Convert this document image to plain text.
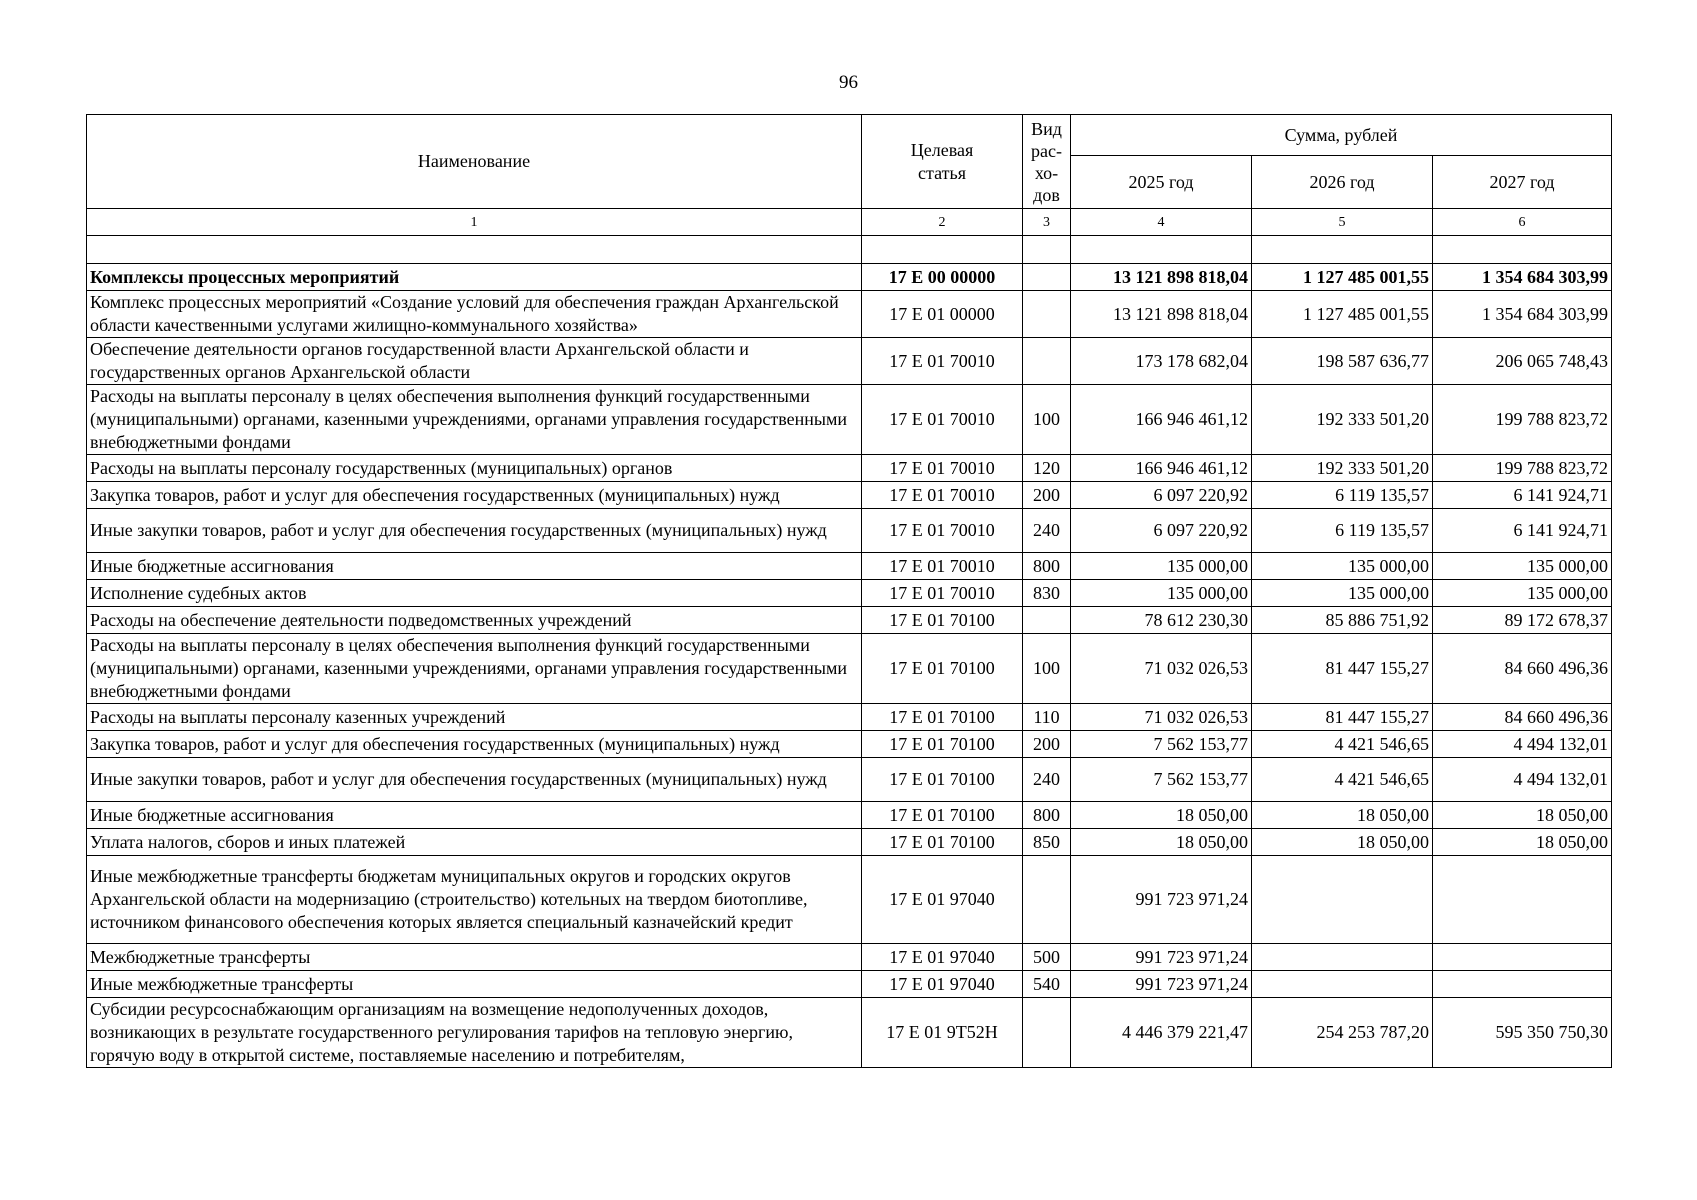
96
Наименование	Целевая статья	Вид
рас-
хо-
дов	Сумма, рублей		
			2025 год	2026 год	2027 год
1	2	3	4	5	6

Комплексы процессных мероприятий	17 Е 00 00000		13 121 898 818,04	1 127 485 001,55	1 354 684 303,99
Комплекс процессных мероприятий «Создание условий для обеспечения граждан Архангельской области качественными услугами жилищно-коммунального хозяйства»	17 Е 01 00000		13 121 898 818,04	1 127 485 001,55	1 354 684 303,99
Обеспечение деятельности органов государственной власти Архангельской области и государственных органов Архангельской области	17 Е 01 70010		173 178 682,04	198 587 636,77	206 065 748,43
Расходы на выплаты персоналу в целях обеспечения выполнения функций государственными (муниципальными) органами, казенными учреждениями, органами управления государственными внебюджетными фондами	17 Е 01 70010	100	166 946 461,12	192 333 501,20	199 788 823,72
Расходы на выплаты персоналу государственных (муниципальных) органов	17 Е 01 70010	120	166 946 461,12	192 333 501,20	199 788 823,72
Закупка товаров, работ и услуг для обеспечения государственных (муниципальных) нужд	17 Е 01 70010	200	6 097 220,92	6 119 135,57	6 141 924,71
Иные закупки товаров, работ и услуг для обеспечения государственных (муниципальных) нужд	17 Е 01 70010	240	6 097 220,92	6 119 135,57	6 141 924,71
Иные бюджетные ассигнования	17 Е 01 70010	800	135 000,00	135 000,00	135 000,00
Исполнение судебных актов	17 Е 01 70010	830	135 000,00	135 000,00	135 000,00
Расходы на обеспечение деятельности подведомственных учреждений	17 Е 01 70100		78 612 230,30	85 886 751,92	89 172 678,37
Расходы на выплаты персоналу в целях обеспечения выполнения функций государственными (муниципальными) органами, казенными учреждениями, органами управления государственными внебюджетными фондами	17 Е 01 70100	100	71 032 026,53	81 447 155,27	84 660 496,36
Расходы на выплаты персоналу казенных учреждений	17 Е 01 70100	110	71 032 026,53	81 447 155,27	84 660 496,36
Закупка товаров, работ и услуг для обеспечения государственных (муниципальных) нужд	17 Е 01 70100	200	7 562 153,77	4 421 546,65	4 494 132,01
Иные закупки товаров, работ и услуг для обеспечения государственных (муниципальных) нужд	17 Е 01 70100	240	7 562 153,77	4 421 546,65	4 494 132,01
Иные бюджетные ассигнования	17 Е 01 70100	800	18 050,00	18 050,00	18 050,00
Уплата налогов, сборов и иных платежей	17 Е 01 70100	850	18 050,00	18 050,00	18 050,00
Иные межбюджетные трансферты бюджетам муниципальных округов и городских округов Архангельской области на модернизацию (строительство) котельных на твердом биотопливе, источником финансового обеспечения которых является специальный казначейский кредит	17 Е 01 97040		991 723 971,24		
Межбюджетные трансферты	17 Е 01 97040	500	991 723 971,24		
Иные межбюджетные трансферты	17 Е 01 97040	540	991 723 971,24		
Субсидии ресурсоснабжающим организациям на возмещение недополученных доходов, возникающих в результате государственного регулирования тарифов на тепловую энергию, горячую воду в открытой системе, поставляемые населению и потребителям,	17 Е 01 9Т52Н		4 446 379 221,47	254 253 787,20	595 350 750,30
